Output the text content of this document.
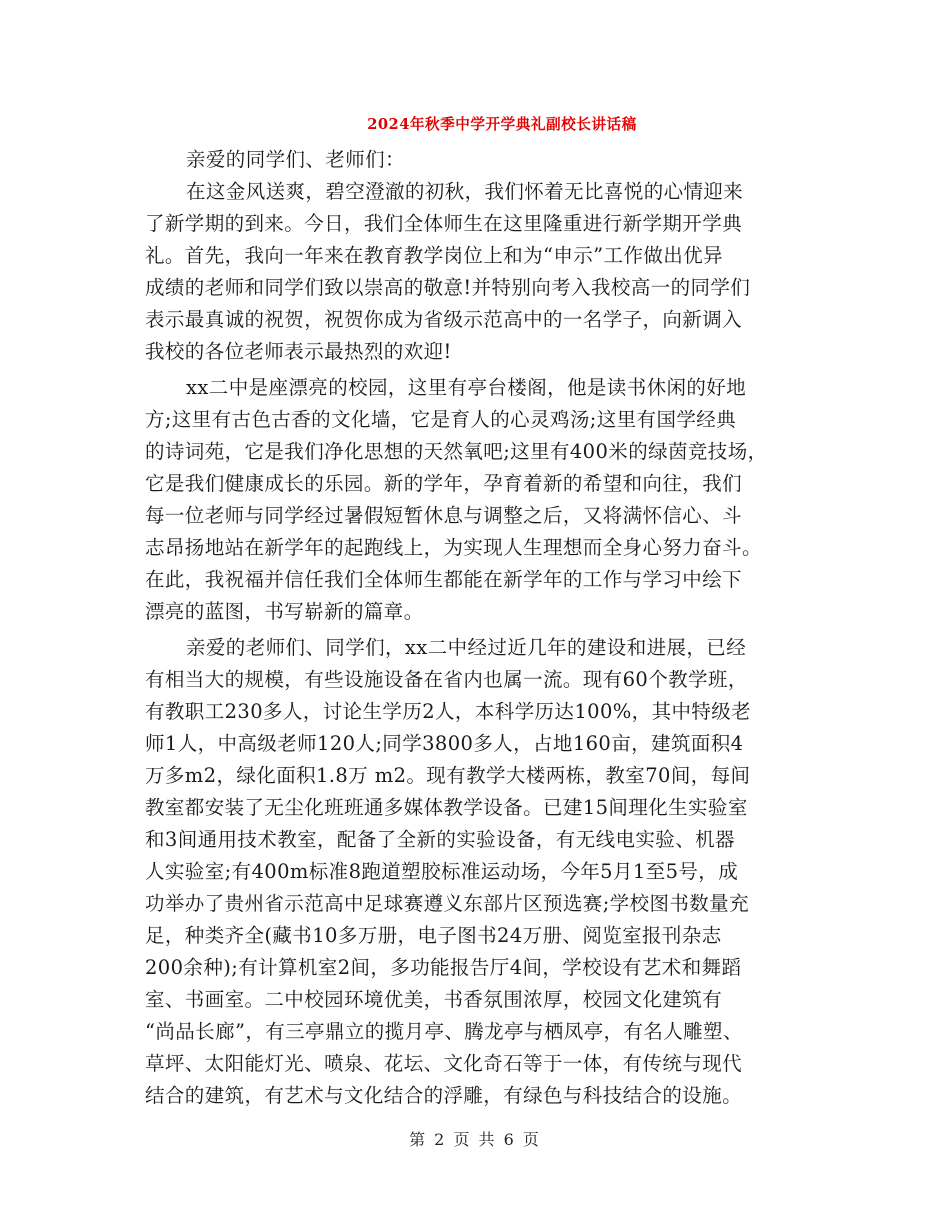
2024年秋季中学开学典礼副校长讲话稿
亲爱的同学们、老师们：
在这金风送爽，碧空澄澈的初秋，我们怀着无比喜悦的心情迎来
了新学期的到来。今日，我们全体师生在这里隆重进行新学期开学典
礼。首先，我向一年来在教育教学岗位上和为“申示”工作做出优异
成绩的老师和同学们致以崇高的敬意!并特别向考入我校高一的同学们
表示最真诚的祝贺，祝贺你成为省级示范高中的一名学子，向新调入
我校的各位老师表示最热烈的欢迎!
xx二中是座漂亮的校园，这里有亭台楼阁，他是读书休闲的好地
方;这里有古色古香的文化墙，它是育人的心灵鸡汤;这里有国学经典
的诗词苑，它是我们净化思想的天然氧吧;这里有400米的绿茵竞技场，
它是我们健康成长的乐园。新的学年，孕育着新的希望和向往，我们
每一位老师与同学经过暑假短暂休息与调整之后，又将满怀信心、斗
志昂扬地站在新学年的起跑线上，为实现人生理想而全身心努力奋斗。
在此，我祝福并信任我们全体师生都能在新学年的工作与学习中绘下
漂亮的蓝图，书写崭新的篇章。
亲爱的老师们、同学们，xx二中经过近几年的建设和进展，已经
有相当大的规模，有些设施设备在省内也属一流。现有60个教学班，
有教职工230多人，讨论生学历2人，本科学历达100%，其中特级老
师1人，中高级老师120人;同学3800多人，占地160亩，建筑面积4
万多m2，绿化面积1.8万 m2。现有教学大楼两栋，教室70间，每间
教室都安装了无尘化班班通多媒体教学设备。已建15间理化生实验室
和3间通用技术教室，配备了全新的实验设备，有无线电实验、机器
人实验室;有400m标准8跑道塑胶标准运动场，今年5月1至5号，成
功举办了贵州省示范高中足球赛遵义东部片区预选赛;学校图书数量充
足，种类齐全(藏书10多万册，电子图书24万册、阅览室报刊杂志
200余种);有计算机室2间，多功能报告厅4间，学校设有艺术和舞蹈
室、书画室。二中校园环境优美，书香氛围浓厚，校园文化建筑有
“尚品长廊”，有三亭鼎立的揽月亭、腾龙亭与栖凤亭，有名人雕塑、
草坪、太阳能灯光、喷泉、花坛、文化奇石等于一体，有传统与现代
结合的建筑，有艺术与文化结合的浮雕，有绿色与科技结合的设施。
第 2 页 共 6 页
